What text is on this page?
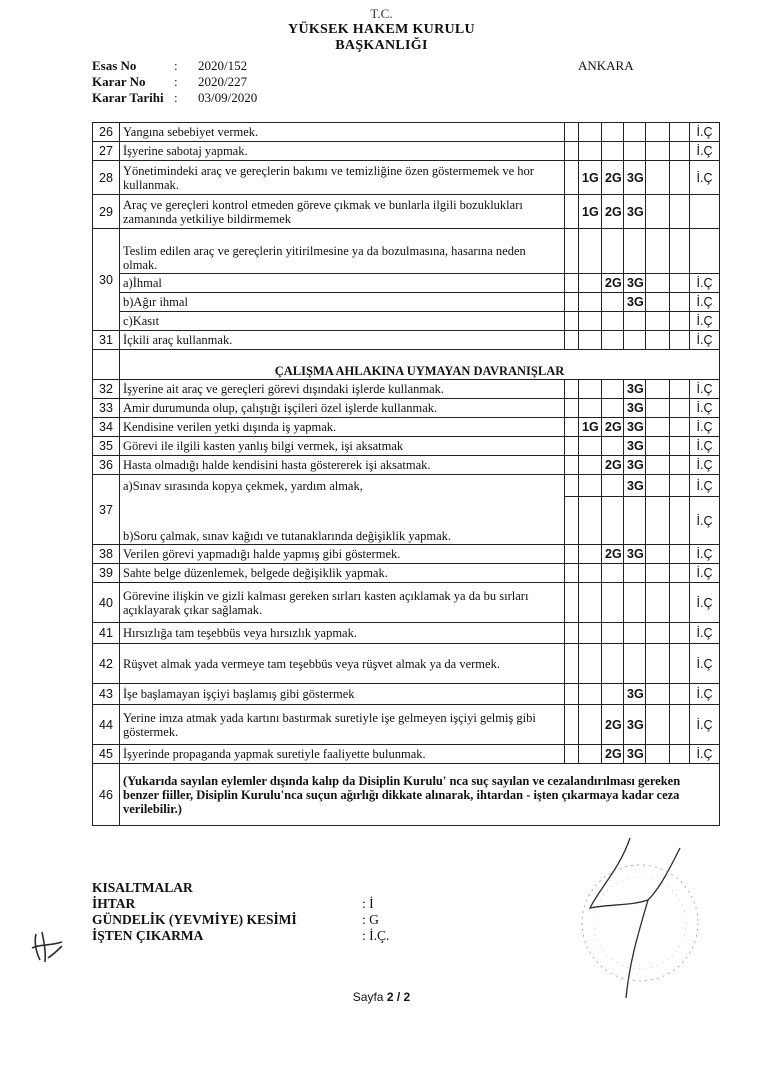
T.C.
YÜKSEK HAKEM KURULU
BAŞKANLIĞI
Esas No	:	2020/152
Karar No	:	2020/227
Karar Tarihi :	03/09/2020
ANKARA
26	Yangına sebebiyet vermek.							İ.Ç
27	İşyerine sabotaj yapmak.							İ.Ç
28	Yönetimindeki araç ve gereçlerin bakımı ve temizliğine özen göstermemek ve hor kullanmak.		1G	2G	3G			İ.Ç
29	Araç ve gereçleri kontrol etmeden göreve çıkmak ve bunlarla ilgili bozuklukları zamanında yetkiliye bildirmemek		1G	2G	3G			
30	Teslim edilen araç ve gereçlerin yitirilmesine ya da bozulmasına, hasarına neden olmak.							
	a)İhmal			2G	3G			İ.Ç
	b)Ağır ihmal				3G			İ.Ç
	c)Kasıt							İ.Ç
31	İçkili araç kullanmak.							İ.Ç
	ÇALIŞMA AHLAKINA UYMAYAN DAVRANIŞLAR							
32	İşyerine ait araç ve gereçleri görevi dışındaki işlerde kullanmak.				3G			İ.Ç
33	Amir durumunda olup, çalıştığı işçileri özel işlerde kullanmak.				3G			İ.Ç
34	Kendisine verilen yetki dışında iş yapmak.		1G	2G	3G			İ.Ç
35	Görevi ile ilgili kasten yanlış bilgi vermek, işi aksatmak				3G			İ.Ç
36	Hasta olmadığı halde kendisini hasta göstererek işi aksatmak.			2G	3G			İ.Ç
37	a)Sınav sırasında kopya çekmek, yardım almak,				3G			İ.Ç
	b)Soru çalmak, sınav kağıdı ve tutanaklarında değişiklik yapmak.							İ.Ç
38	Verilen görevi yapmadığı halde yapmış gibi göstermek.			2G	3G			İ.Ç
39	Sahte belge düzenlemek, belgede değişiklik yapmak.							İ.Ç
40	Görevine ilişkin ve gizli kalması gereken sırları kasten açıklamak ya da bu sırları açıklayarak çıkar sağlamak.							İ.Ç
41	Hırsızlığa tam teşebbüs veya hırsızlık yapmak.							İ.Ç
42	Rüşvet almak yada vermeye tam teşebbüs veya rüşvet almak ya da vermek.							İ.Ç
43	İşe başlamayan işçiyi başlamış gibi göstermek				3G			İ.Ç
44	Yerine imza atmak yada kartını bastırmak suretiyle işe gelmeyen işçiyi gelmiş gibi göstermek.			2G	3G			İ.Ç
45	İşyerinde propaganda yapmak suretiyle faaliyette bulunmak.			2G	3G			İ.Ç
46	(Yukarıda sayılan eylemler dışında kalıp da Disiplin Kurulu' nca suç sayılan ve cezalandırılması gereken benzer fiiller, Disiplin Kurulu'nca suçun ağırlığı dikkate alınarak, ihtardan - işten çıkarmaya kadar ceza verilebilir.)							
KISALTMALAR
İHTAR	: İ
GÜNDELİK (YEVMİYE) KESİMİ	: G
İŞTEN ÇIKARMA	: İ.Ç.
Sayfa 2 / 2
